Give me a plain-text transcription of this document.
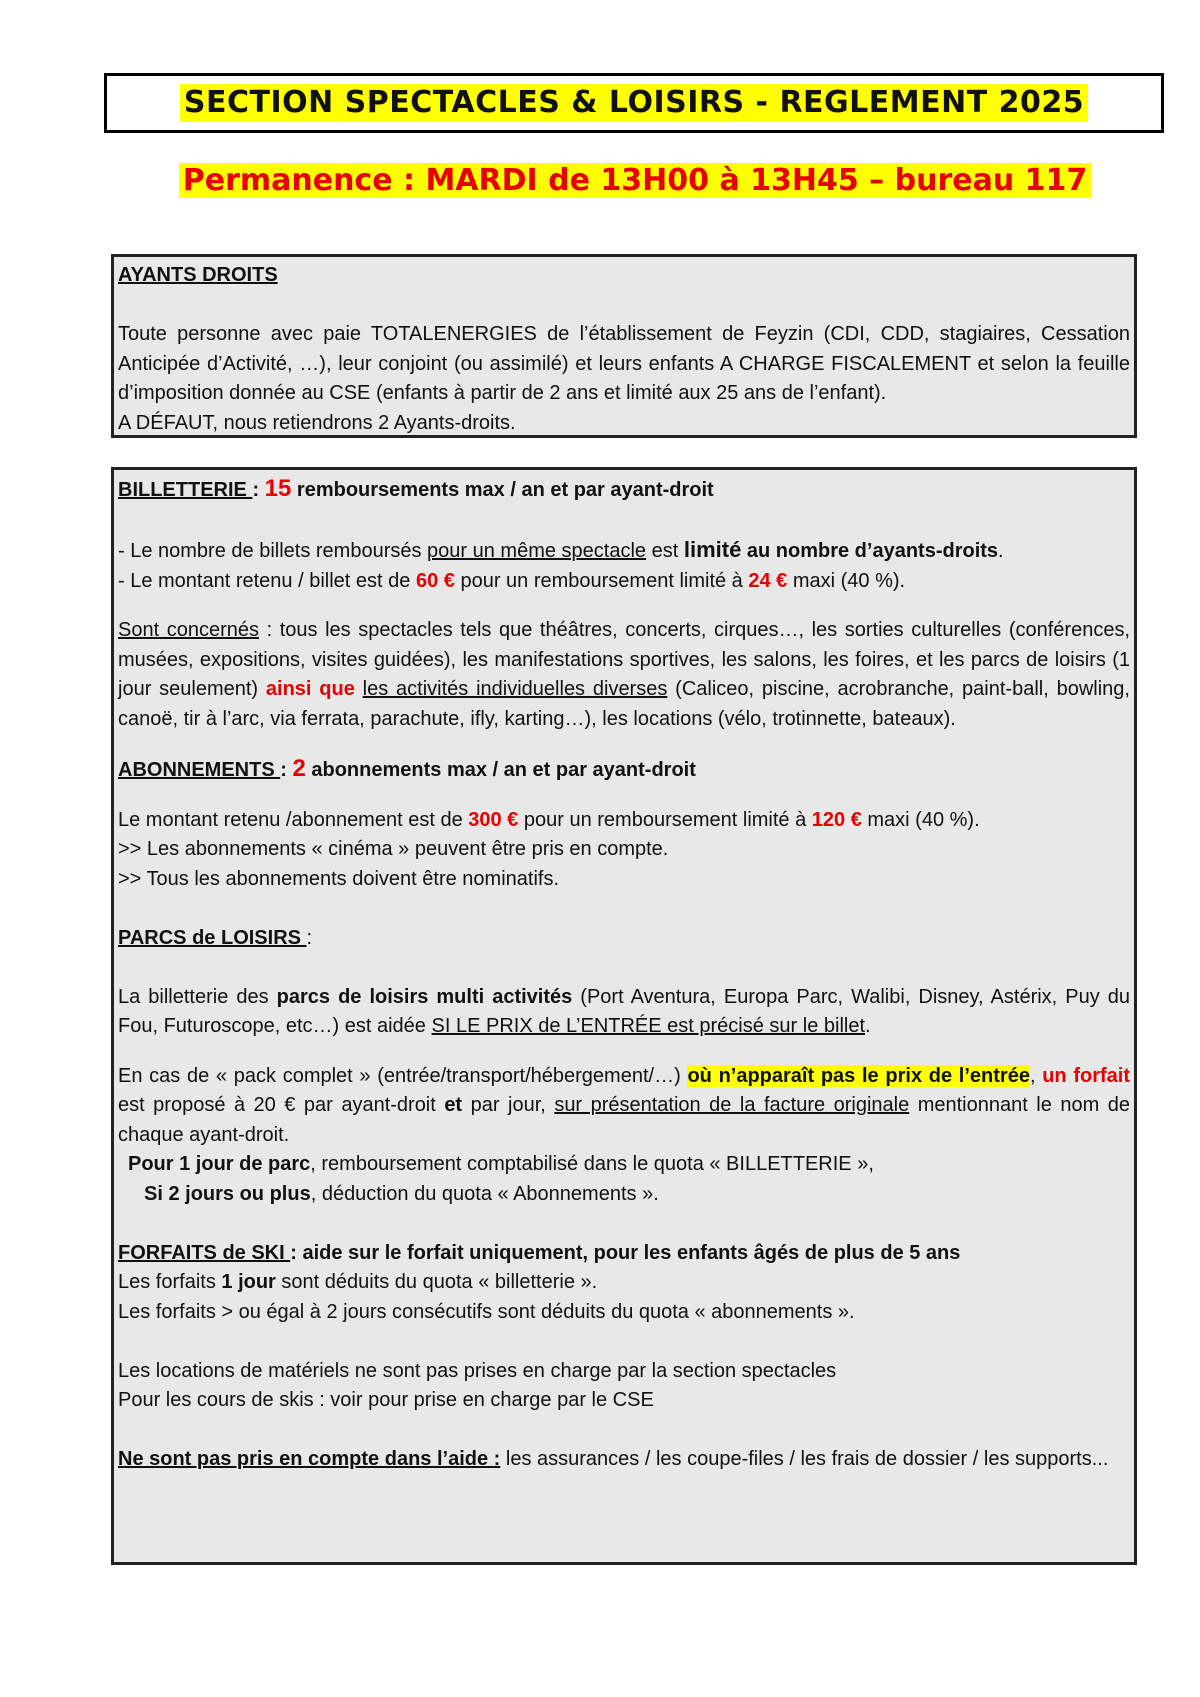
SECTION SPECTACLES & LOISIRS - REGLEMENT 2025
Permanence : MARDI de 13H00 à 13H45 – bureau 117

AYANTS DROITS

Toute personne avec paie TOTALENERGIES de l’établissement de Feyzin (CDI, CDD, stagiaires, Cessation Anticipée d’Activité, …), leur conjoint (ou assimilé) et leurs enfants A CHARGE FISCALEMENT et selon la feuille d’imposition donnée au CSE (enfants à partir de 2 ans et limité aux 25 ans de l’enfant).

A DÉFAUT, nous retiendrons 2 Ayants-droits.

BILLETTERIE : 15 remboursements max / an et par ayant-droit

- Le nombre de billets remboursés pour un même spectacle est limité au nombre d’ayants-droits.

- Le montant retenu / billet est de 60 € pour un remboursement limité à 24 € maxi (40 %).

Sont concernés : tous les spectacles tels que théâtres, concerts, cirques…, les sorties culturelles (conférences, musées, expositions, visites guidées), les manifestations sportives, les salons, les foires, et les parcs de loisirs (1 jour seulement) ainsi que les activités individuelles diverses (Caliceo, piscine, acrobranche, paint-ball, bowling, canoë, tir à l’arc, via ferrata, parachute, ifly, karting…), les locations (vélo, trotinnette, bateaux).

ABONNEMENTS : 2 abonnements max / an et par ayant-droit

Le montant retenu /abonnement est de 300 € pour un remboursement limité à 120 € maxi (40 %).

>> Les abonnements « cinéma » peuvent être pris en compte.

>> Tous les abonnements doivent être nominatifs.

PARCS de LOISIRS :

La billetterie des parcs de loisirs multi activités (Port Aventura, Europa Parc, Walibi, Disney, Astérix, Puy du Fou, Futuroscope, etc…) est aidée SI LE PRIX de L’ENTRÉE est précisé sur le billet.

En cas de « pack complet » (entrée/transport/hébergement/…) où n’apparaît pas le prix de l’entrée, un forfait est proposé à 20 € par ayant-droit et par jour, sur présentation de la facture originale mentionnant le nom de chaque ayant-droit.

Pour 1 jour de parc, remboursement comptabilisé dans le quota « BILLETTERIE »,

Si 2 jours ou plus, déduction du quota « Abonnements ».

FORFAITS de SKI : aide sur le forfait uniquement, pour les enfants âgés de plus de 5 ans

Les forfaits 1 jour sont déduits du quota « billetterie ».

Les forfaits > ou égal à 2 jours consécutifs sont déduits du quota « abonnements ».

Les locations de matériels ne sont pas prises en charge par la section spectacles

Pour les cours de skis : voir pour prise en charge par le CSE

Ne sont pas pris en compte dans l’aide : les assurances / les coupe-files / les frais de dossier / les supports...
